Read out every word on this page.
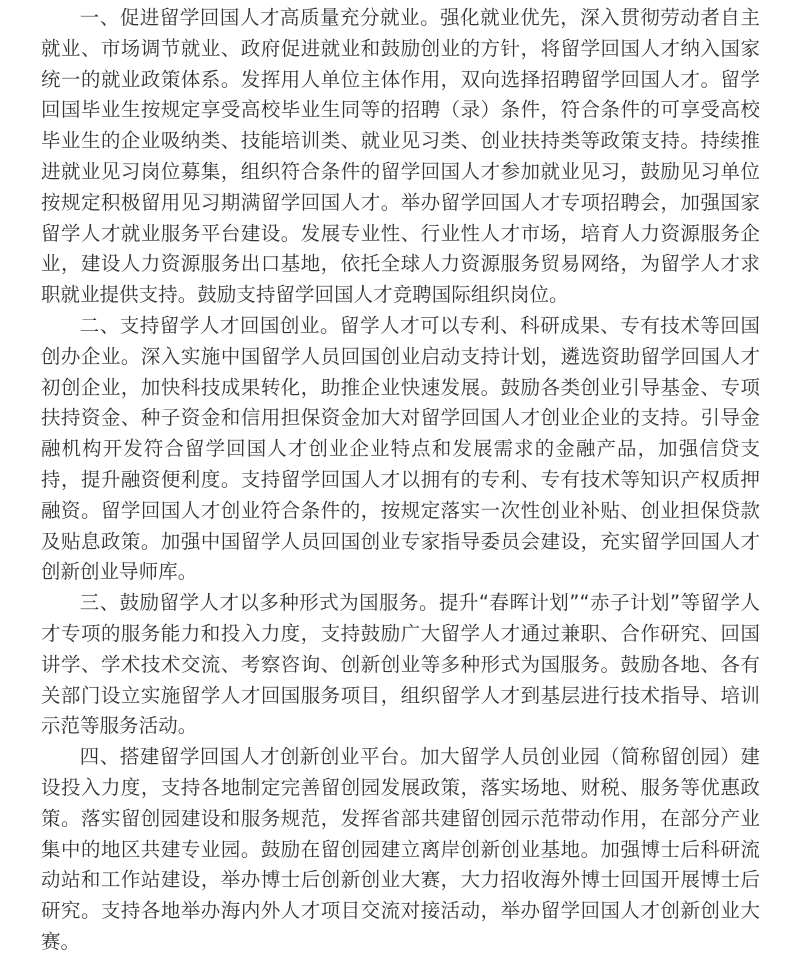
一、促进留学回国人才高质量充分就业。强化就业优先，深入贯彻劳动者自主就业、市场调节就业、政府促进就业和鼓励创业的方针，将留学回国人才纳入国家统一的就业政策体系。发挥用人单位主体作用，双向选择招聘留学回国人才。留学回国毕业生按规定享受高校毕业生同等的招聘（录）条件，符合条件的可享受高校毕业生的企业吸纳类、技能培训类、就业见习类、创业扶持类等政策支持。持续推进就业见习岗位募集，组织符合条件的留学回国人才参加就业见习，鼓励见习单位按规定积极留用见习期满留学回国人才。举办留学回国人才专项招聘会，加强国家留学人才就业服务平台建设。发展专业性、行业性人才市场，培育人力资源服务企业，建设人力资源服务出口基地，依托全球人力资源服务贸易网络，为留学人才求职就业提供支持。鼓励支持留学回国人才竞聘国际组织岗位。

二、支持留学人才回国创业。留学人才可以专利、科研成果、专有技术等回国创办企业。深入实施中国留学人员回国创业启动支持计划，遴选资助留学回国人才初创企业，加快科技成果转化，助推企业快速发展。鼓励各类创业引导基金、专项扶持资金、种子资金和信用担保资金加大对留学回国人才创业企业的支持。引导金融机构开发符合留学回国人才创业企业特点和发展需求的金融产品，加强信贷支持，提升融资便利度。支持留学回国人才以拥有的专利、专有技术等知识产权质押融资。留学回国人才创业符合条件的，按规定落实一次性创业补贴、创业担保贷款及贴息政策。加强中国留学人员回国创业专家指导委员会建设，充实留学回国人才创新创业导师库。

三、鼓励留学人才以多种形式为国服务。提升“春晖计划”“赤子计划”等留学人才专项的服务能力和投入力度，支持鼓励广大留学人才通过兼职、合作研究、回国讲学、学术技术交流、考察咨询、创新创业等多种形式为国服务。鼓励各地、各有关部门设立实施留学人才回国服务项目，组织留学人才到基层进行技术指导、培训示范等服务活动。

四、搭建留学回国人才创新创业平台。加大留学人员创业园（简称留创园）建设投入力度，支持各地制定完善留创园发展政策，落实场地、财税、服务等优惠政策。落实留创园建设和服务规范，发挥省部共建留创园示范带动作用，在部分产业集中的地区共建专业园。鼓励在留创园建立离岸创新创业基地。加强博士后科研流动站和工作站建设，举办博士后创新创业大赛，大力招收海外博士回国开展博士后研究。支持各地举办海内外人才项目交流对接活动，举办留学回国人才创新创业大赛。
